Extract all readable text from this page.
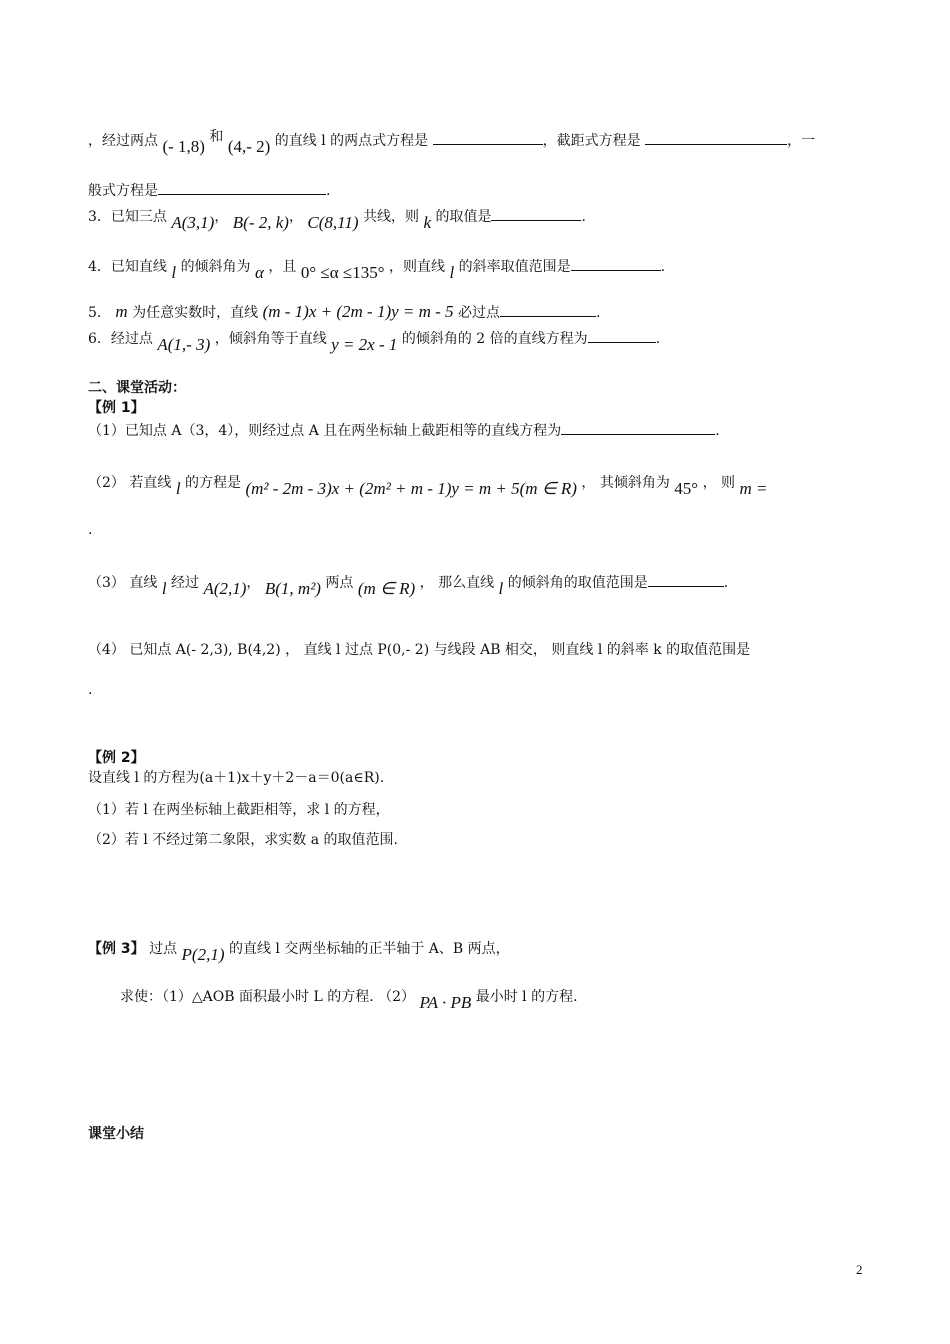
，经过两点 (- 1,8) 和 (4,- 2) 的直线 l 的两点式方程是	，截距式方程是	，一
般式方程是	.
3．已知三点 A(3,1)， B(- 2, k)， C(8,11) 共线，则 k 的取值是	.
4．已知直线 l 的倾斜角为 α ，且 0° ≤α ≤135° ，则直线 l 的斜率取值范围是	.
5． m 为任意实数时，直线 (m - 1)x + (2m - 1)y = m - 5 必过点	.
6．经过点 A(1,- 3) ，倾斜角等于直线 y = 2x - 1 的倾斜角的 2 倍的直线方程为	.
二、课堂活动：
【例 1】
（1）已知点 A（3，4），则经过点 A 且在两坐标轴上截距相等的直线方程为	.
（2） 若直线 l 的方程是 (m² - 2m - 3)x + (2m² + m - 1)y = m + 5(m ∈ R) ， 其倾斜角为 45° ， 则 m =
.
（3） 直线 l 经过 A(2,1)， B(1, m²) 两点 (m ∈ R) ， 那么直线 l 的倾斜角的取值范围是	.
（4） 已知点 A(- 2,3), B(4,2) ， 直线 l 过点 P(0,- 2) 与线段 AB 相交， 则直线 l 的斜率 k 的取值范围是
.
【例 2】
设直线 l 的方程为(a＋1)x＋y＋2－a＝0(a∈R).
（1）若 l 在两坐标轴上截距相等，求 l 的方程，
（2）若 l 不经过第二象限，求实数 a 的取值范围.
【例 3】 过点 P(2,1) 的直线 l 交两坐标轴的正半轴于 A、B 两点，
求使：（1）△AOB 面积最小时 L 的方程. （2） PA · PB 最小时 l 的方程.
课堂小结
2
